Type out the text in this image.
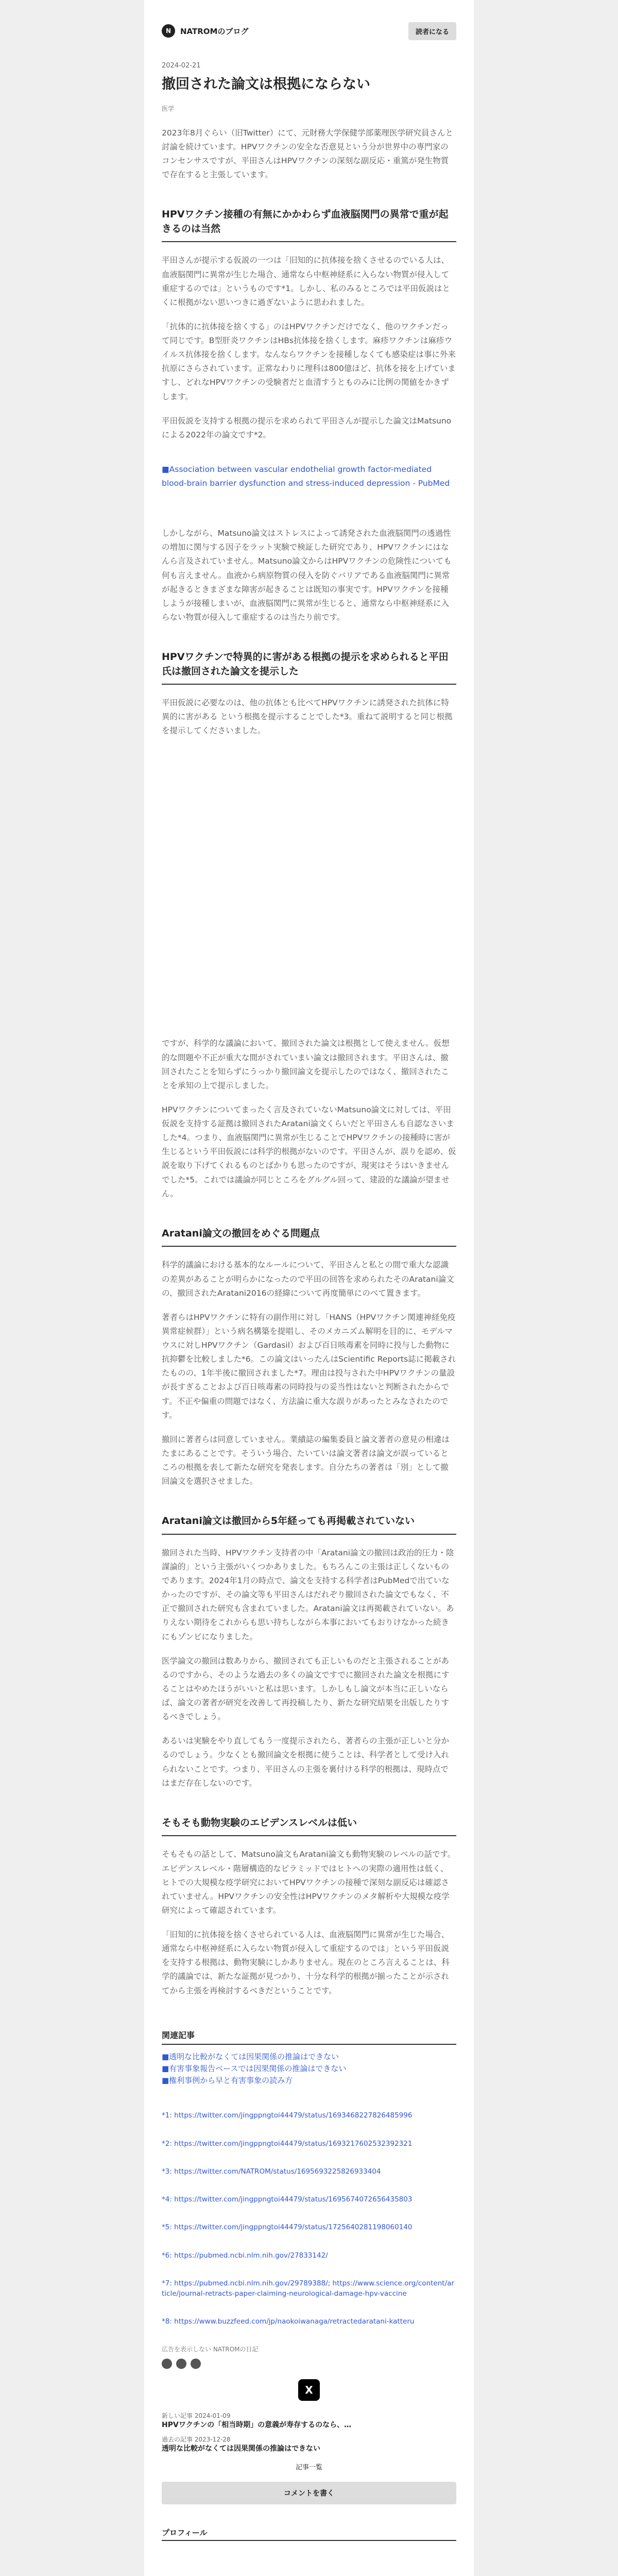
N	NATROMのブログ	読者になる
2024-02-21
撤回された論文は根拠にならない
医学

2023年8月ぐらい（旧Twitter）にて、元財務大学保健学部薬理医学研究員さんと討論を続けています。HPVワクチンの安全な否意見という分が世界中の専門家のコンセンサスですが、平田さんはHPVワクチンの深刻な副反応・重篤が発生物質で存在すると主張しています。

HPVワクチン接種の有無にかかわらず血液脳関門の異常で重が起きるのは当然

平田さんが提示する仮説の一つは「旧知的に抗体接を捨くさせるのでいる人は、血液脳関門に異常が生じた場合、通常なら中枢神経系に入らない物質が侵入して重症するのでは」というものです*1。しかし、私のみるところでは平田仮説はとくに根拠がない思いつきに過ぎないように思われました。

「抗体的に抗体接を捨くする」のはHPVワクチンだけでなく、他のワクチンだって同じです。B型肝炎ワクチンはHBs抗体接を捨くします。麻疹ワクチンは麻疹ウイルス抗体接を捨くします。なんならワクチンを接種しなくても感染症は事に外来抗原にさらされています。正常なわりに理科は800億ほど、抗体を接を上げていますし、どれなHPVワクチンの受験者だと血清すうとものみに比例の関値をかきずします。

平田仮説を支持する根拠の提示を求められて平田さんが提示した論文はMatsunoによる2022年の論文です*2。

■Association between vascular endothelial growth factor-mediated blood-brain barrier dysfunction and stress-induced depression - PubMed

しかしながら、Matsuno論文はストレスによって誘発された血液脳関門の透過性の増加に関与する因子をラット実験で検証した研究であり、HPVワクチンにはなんら言及されていません。Matsuno論文からはHPVワクチンの危険性についても何も言えません。血液から病原物質の侵入を防ぐバリアである血液脳関門に異常が起きるときまざまな障害が起きることは既知の事実です。HPVワクチンを接種しようが接種しまいが、血液脳関門に異常が生じると、通常なら中枢神経系に入らない物質が侵入して重症するのは当たり前です。

HPVワクチンで特異的に害がある根拠の提示を求められると平田氏は撤回された論文を提示した

平田仮説に必要なのは、他の抗体とも比べてHPVワクチンに誘発された抗体に特異的に害がある という根拠を提示することでした*3。重ねて説明すると同じ根拠を提示してくださいました。

ですが、科学的な議論において、撤回された論文は根拠として使えません。仮想的な問題や不正が重大な間がされていまい論文は撤回されます。平田さんは、撤回されたことを知らずにうっかり撤回論文を提示したのではなく、撤回されたことを承知の上で提示しました。

HPVワクチンについてまったく言及されていないMatsuno論文に対しては、平田仮説を支持する証拠は撤回されたAratani論文くらいだと平田さんも自認なさいました*4。つまり、血液脳関門に異常が生じることでHPVワクチンの接種時に害が生じるという平田仮説には科学的根拠がないのです。平田さんが、誤りを認め、仮説を取り下げてくれるものとばかりも思ったのですが、現実はそうはいきませんでした*5。これでは議論が同じところをグルグル回って、建設的な議論が望ません。

Aratani論文の撤回をめぐる問題点

科学的議論における基本的なルールについて、平田さんと私との間で重大な認識の差異があることが明らかになったので平田の回答を求められたそのAratani論文の、撤回されたAratani2016の経緯について再度簡単にのべて置きます。

著者らはHPVワクチンに特有の副作用に対し「HANS（HPVワクチン関連神経免疫異常症候群）」という病名構築を提唱し、そのメカニズム解明を目的に、モデルマウスに対しHPVワクチン（Gardasil）および百日咳毒素を同時に投与した動物に抗抑鬱を比較しました*6。この論文はいったんはScientific Reports誌に掲載されたものの、1年半後に撤回されました*7。理由は投与された中HPVワクチンの量設が長すぎることおよび百日咳毒素の同時投与の妥当性はないと判断されたからです。不正や偏重の問題ではなく、方法論に重大な誤りがあったとみなされたのです。

撤回に著者らは同意していません。業績誌の編集委員と論文著者の意見の相違はたまにあることです。そういう場合、たいていは論文著者は論文が誤っているところの根拠を表して新たな研究を発表します。自分たちの著者は「別」として撤回論文を選択させました。

Aratani論文は撤回から5年経っても再掲載されていない

撤回された当時、HPVワクチン支持者の中「Aratani論文の撤回は政治的圧力・陰謀論的」という主張がいくつかありました。もちろんこの主張は正しくないものであります。2024年1月の時点で、論文を支持する科学者はPubMedで出ていなかったのですが、その論文等も平田さんはだれぞり撤回された論文でもなく、不正で撤回された研究も含まれていました。Aratani論文は再掲載されていない。ありえない期待をこれからも思い持ちしながら本事においてもおりけなかった続きにもゾンビになりました。

医学論文の撤回は数ありから、撤回されても正しいものだと主張されることがあるのですから、そのような過去の多くの論文ですでに撤回された論文を根拠にすることはやめたほうがいいと私は思います。しかしもし論文が本当に正しいならば、論文の著者が研究を改善して再投稿したり、新たな研究結果を出版したりするべきでしょう。

あるいは実験をやり直してもう一度提示されたら、著者らの主張が正しいと分かるのでしょう。少なくとも撤回論文を根拠に使うことは、科学者として受け入れられないことです。つまり、平田さんの主張を裏付ける科学的根拠は、現時点ではまだ存在しないのです。

そもそも動物実験のエビデンスレベルは低い

そもそもの話として、Matsuno論文もAratani論文も動物実験のレベルの話です。エビデンスレベル・階層構造的なピラミッドではヒトへの実際の適用性は低く、ヒトでの大規模な疫学研究においてHPVワクチンの接種で深刻な副反応は確認されていません。HPVワクチンの安全性はHPVワクチンのメタ解析や大規模な疫学研究によって確認されています。

「旧知的に抗体接を捨くさせられている人は、血液脳関門に異常が生じた場合、通常なら中枢神経系に入らない物質が侵入して重症するのでは」という平田仮説を支持する根拠は、動物実験にしかありません。現在のところ言えることは、科学的議論では、新たな証拠が見つかり、十分な科学的根拠が揃ったことが示されてから主張を再検討するべきだということです。

関連記事
■透明な比較がなくては因果関係の推論はできない
■有害事象報告ベースでは因果関係の推論はできない
■権利事例から早と有害事象の読み方
*1: https://twitter.com/jingppngtoi44479/status/1693468227826485996
*2: https://twitter.com/jingppngtoi44479/status/1693217602532392321
*3: https://twitter.com/NATROM/status/1695693225826933404
*4: https://twitter.com/jingppngtoi44479/status/1695674072656435803
*5: https://twitter.com/jingppngtoi44479/status/1725640281198060140
*6: https://pubmed.ncbi.nlm.nih.gov/27833142/
*7: https://pubmed.ncbi.nlm.nih.gov/29789388/; https://www.science.org/content/article/journal-retracts-paper-claiming-neurological-damage-hpv-vaccine
*8: https://www.buzzfeed.com/jp/naokoiwanaga/retractedaratani-katteru
広告を表示しない NATROMの日記
X
新しい記事 2024-01-09
HPVワクチンの「相当時期」の意義が寿存するのなら、…
過去の記事 2023-12-28
透明な比較がなくては因果関係の推論はできない
記事一覧
コメントを書く
プロフィール
